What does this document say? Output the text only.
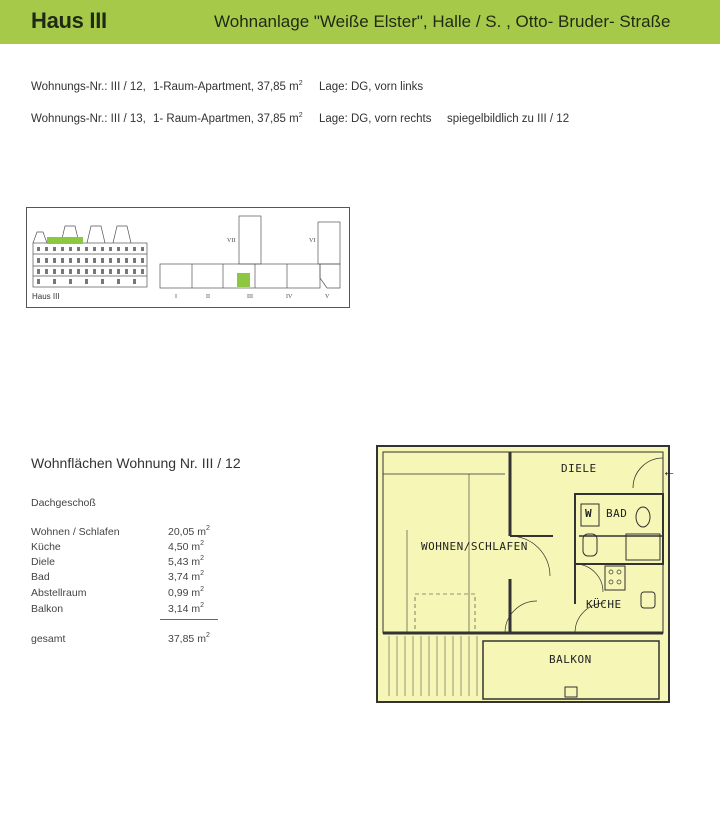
Haus III	Wohnanlage "Weiße Elster", Halle / S. , Otto- Bruder- Straße
Wohnungs-Nr.: III / 12, 1-Raum-Apartment, 37,85 $m^2$ Lage: DG, vorn links
Wohnungs-Nr.: III / 13, 1- Raum-Apartmen, 37,85 $m^2$ Lage: DG, vorn rechts spiegelbildlich zu III / 12
I	II	III	IV	V
VI
VII
Haus III
Wohnflächen Wohnung Nr. III / 12
Dachgeschoß
Wohnen / Schlafen	20,05 $m^2$
Küche	4,50 $m^2$
Diele	5,43 $m^2$
Bad	3,74 $m^2$
Abstellraum	0,99 $m^2$
Balkon	3,14 $m^2$
gesamt	37,85 $m^2$
DIELE
WOHNEN/SCHLAFEN
W BAD
KÜCHE
BALKON
←
